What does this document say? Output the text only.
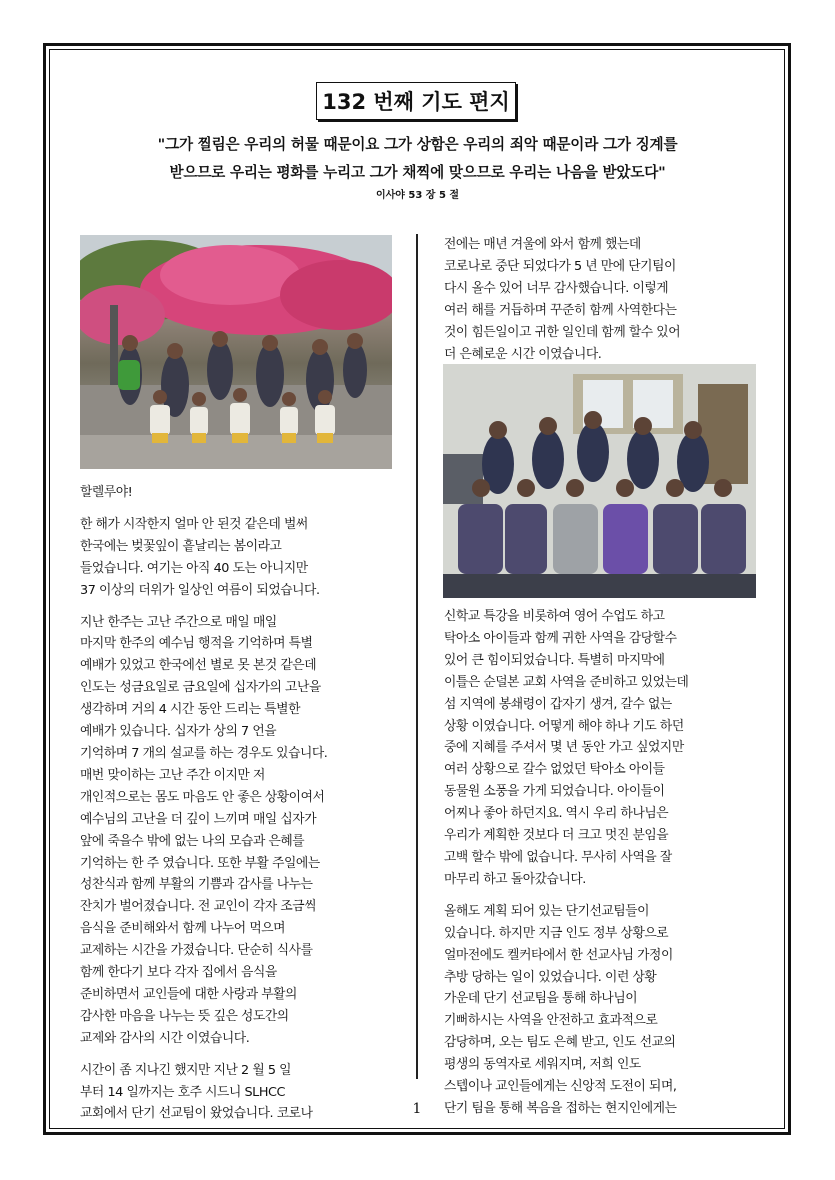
132 번째 기도 편지
"그가 찔림은 우리의 허물 때문이요 그가 상함은 우리의 죄악 때문이라 그가 징계를
받으므로 우리는 평화를 누리고 그가 채찍에 맞으므로 우리는 나음을 받았도다"
이사야 53 장 5 절

할렐루야!

한 해가 시작한지 얼마 안 된것 같은데 벌써

한국에는 벚꽃잎이 흩날리는 봄이라고

들었습니다. 여기는 아직 40 도는 아니지만

37 이상의 더위가 일상인 여름이 되었습니다.

지난 한주는 고난 주간으로 매일 매일

마지막 한주의 예수님 행적을 기억하며 특별

예배가 있었고 한국에선 별로 못 본것 같은데

인도는 성금요일로 금요일에 십자가의 고난을

생각하며 거의 4 시간 동안 드리는 특별한

예배가 있습니다. 십자가 상의 7 언을

기억하며 7 개의 설교를 하는 경우도 있습니다.

매번 맞이하는 고난 주간 이지만 저

개인적으로는 몸도 마음도 안 좋은 상황이여서

예수님의 고난을 더 깊이 느끼며 매일 십자가

앞에 죽을수 밖에 없는 나의 모습과 은혜를

기억하는 한 주 였습니다. 또한 부활 주일에는

성찬식과 함께 부활의 기쁨과 감사를 나누는

잔치가 벌어졌습니다. 전 교인이 각자 조금씩

음식을 준비해와서 함께 나누어 먹으며

교제하는 시간을 가졌습니다. 단순히 식사를

함께 한다기 보다 각자 집에서 음식을

준비하면서 교인들에 대한 사랑과 부활의

감사한 마음을 나누는 뜻 깊은 성도간의

교제와 감사의 시간 이였습니다.

시간이 좀 지나긴 했지만 지난 2 월 5 일

부터 14 일까지는 호주 시드니 SLHCC

교회에서 단기 선교팀이 왔었습니다. 코로나

전에는 매년 겨울에 와서 함께 했는데

코로나로 중단 되었다가 5 년 만에 단기팀이

다시 올수 있어 너무 감사했습니다. 이렇게

여러 해를 거듭하며 꾸준히 함께 사역한다는

것이 힘든일이고 귀한 일인데 함께 할수 있어

더 은혜로운 시간 이였습니다.

신학교 특강을 비롯하여 영어 수업도 하고

탁아소 아이들과 함께 귀한 사역을 감당할수

있어 큰 힘이되었습니다. 특별히 마지막에

이틀은 순덜본 교회 사역을 준비하고 있었는데

섬 지역에 봉쇄령이 갑자기 생겨, 갈수 없는

상황 이였습니다. 어떻게 해야 하나 기도 하던

중에 지혜를 주셔서 몇 년 동안 가고 싶었지만

여러 상황으로 갈수 없었던 탁아소 아이들

동물원 소풍을 가게 되었습니다. 아이들이

어찌나 좋아 하던지요. 역시 우리 하나님은

우리가 계획한 것보다 더 크고 멋진 분임을

고백 할수 밖에 없습니다. 무사히 사역을 잘

마무리 하고 돌아갔습니다.

올해도 계획 되어 있는 단기선교팀들이

있습니다. 하지만 지금 인도 정부 상황으로

얼마전에도 켈커타에서 한 선교사님 가정이

추방 당하는 일이 있었습니다. 이런 상황

가운데 단기 선교팀을 통해 하나님이

기뻐하시는 사역을 안전하고 효과적으로

감당하며, 오는 팀도 은혜 받고, 인도 선교의

평생의 동역자로 세워지며, 저희 인도

스텝이나 교인들에게는 신앙적 도전이 되며,

단기 팀을 통해 복음을 접하는 현지인에게는

1
